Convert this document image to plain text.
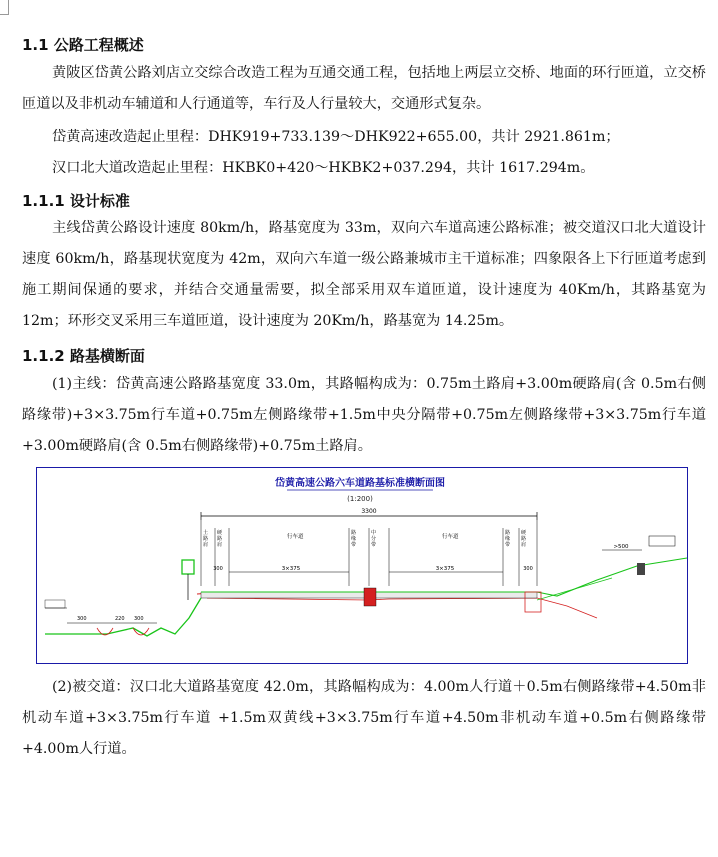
1.1 公路工程概述

黄陂区岱黄公路刘店立交综合改造工程为互通交通工程，包括地上两层立交桥、地面的环行匝道，立交桥匝道以及非机动车辅道和人行通道等，车行及人行量较大，交通形式复杂。

岱黄高速改造起止里程：DHK919+733.139～DHK922+655.00，共计 2921.861m；
汉口北大道改造起止里程：HKBK0+420～HKBK2+037.294，共计 1617.294m。
1.1.1 设计标准

主线岱黄公路设计速度 80km/h，路基宽度为 33m，双向六车道高速公路标准；被交道汉口北大道设计速度 60km/h，路基现状宽度为 42m，双向六车道一级公路兼城市主干道标准；四象限各上下行匝道考虑到施工期间保通的要求，并结合交通量需要，拟全部采用双车道匝道，设计速度为 40Km/h，其路基宽为 12m；环形交叉采用三车道匝道，设计速度为 20Km/h，路基宽为 14.25m。

1.1.2 路基横断面

(1)主线：岱黄高速公路路基宽度 33.0m，其路幅构成为：0.75m土路肩+3.00m硬路肩(含 0.5m右侧路缘带)+3×3.75m行车道+0.75m左侧路缘带+1.5m中央分隔带+0.75m左侧路缘带+3×3.75m行车道+3.00m硬路肩(含 0.5m右侧路缘带)+0.75m土路肩。

岱黄高速公路六车道路基标准横断面图
(1:200)
3300
土
路
肩
硬
路
肩
路
缘
带
中
分
带
路
缘
带
硬
路
肩
行车道	行车道
3×375	3×375
300	300
300	220 300
>500

(2)被交道：汉口北大道路基宽度 42.0m，其路幅构成为：4.00m人行道＋0.5m右侧路缘带+4.50m非机动车道+3×3.75m行车道 +1.5m双黄线+3×3.75m行车道+4.50m非机动车道+0.5m右侧路缘带+4.00m人行道。
